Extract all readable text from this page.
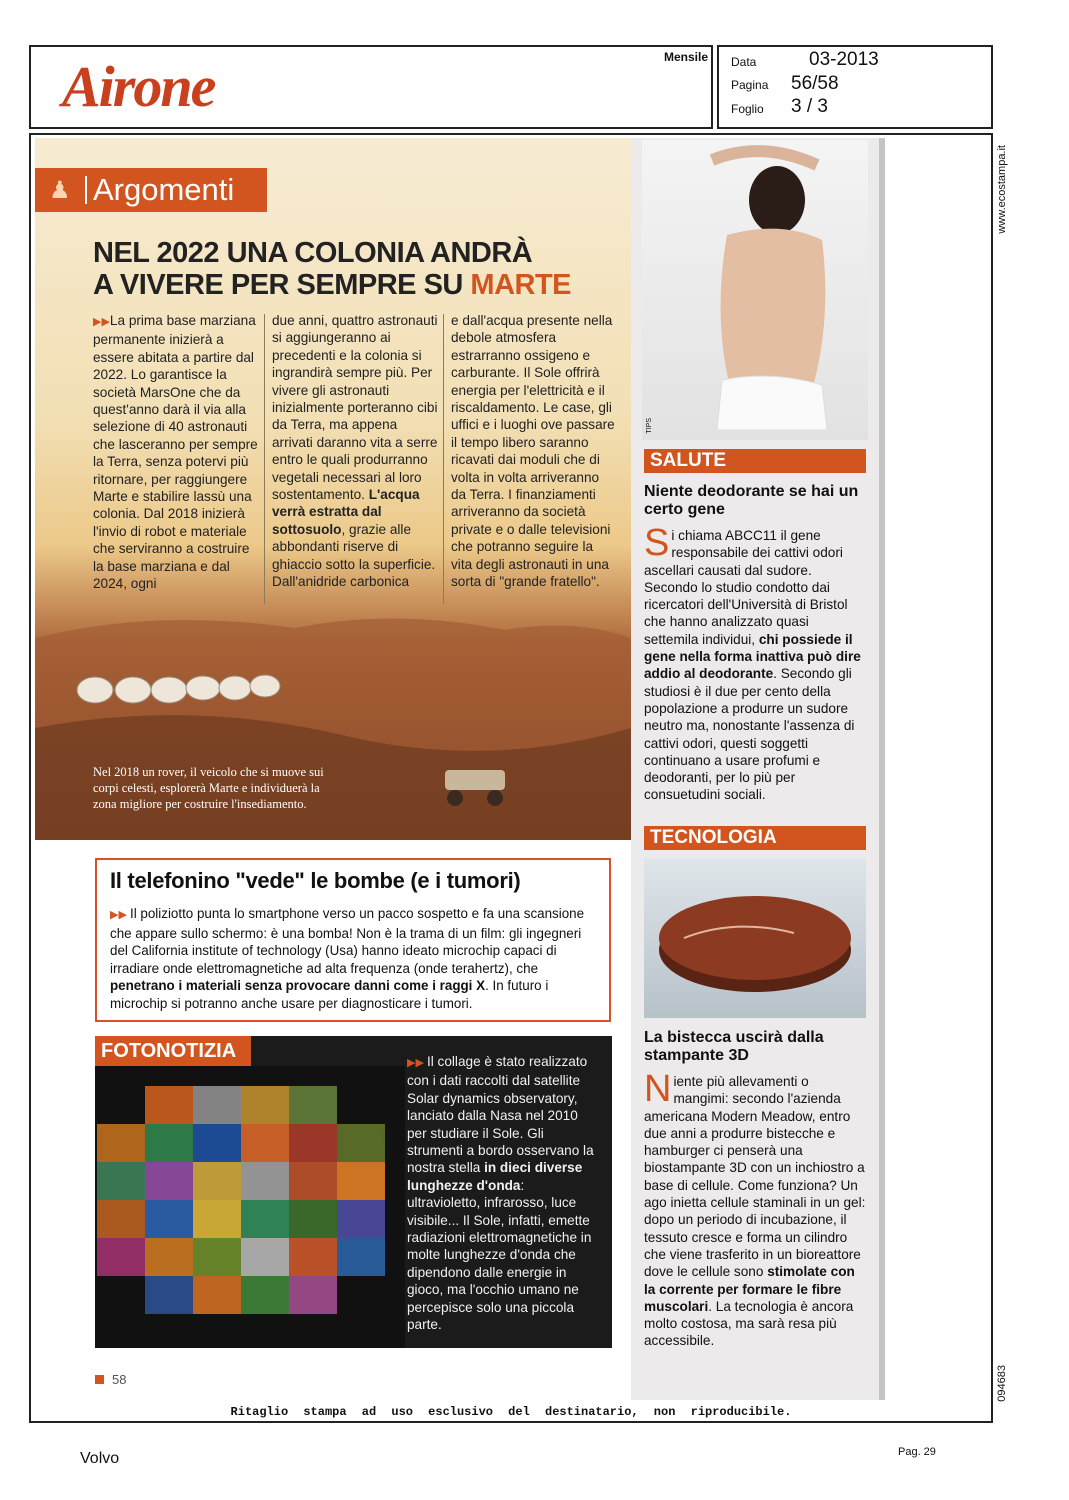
Airone	Mensile Data	03-2013
Pagina 56/58
Foglio 3 / 3
www.ecostampa.it
094683
♟ Argomenti
NEL 2022 UNA COLONIA ANDRÀ
A VIVERE PER SEMPRE SU MARTE
▶▶La prima base marziana permanente inizierà a essere abitata a partire dal 2022. Lo garantisce la società MarsOne che da quest'anno darà il via alla selezione di 40 astronauti che lasceranno per sempre la Terra, senza potervi più ritornare, per raggiungere Marte e stabilire lassù una colonia. Dal 2018 inizierà l'invio di robot e materiale che serviranno a costruire la base marziana e dal 2024, ogni
due anni, quattro astronauti si aggiungeranno ai precedenti e la colonia si ingrandirà sempre più. Per vivere gli astronauti inizialmente porteranno cibi da Terra, ma appena arrivati daranno vita a serre entro le quali produrranno vegetali necessari al loro sostentamento. L'acqua verrà estratta dal sottosuolo, grazie alle abbondanti riserve di ghiaccio sotto la superficie. Dall'anidride carbonica
e dall'acqua presente nella debole atmosfera estrarranno ossigeno e carburante. Il Sole offrirà energia per l'elettricità e il riscaldamento. Le case, gli uffici e i luoghi ove passare il tempo libero saranno ricavati dai moduli che di volta in volta arriveranno da Terra. I finanziamenti arriveranno da società private e o dalle televisioni che potranno seguire la vita degli astronauti in una sorta di "grande fratello".
Nel 2018 un rover, il veicolo che si muove sui corpi celesti, esplorerà Marte e individuerà la zona migliore per costruire l'insediamento.
Il telefonino "vede" le bombe (e i tumori)
▶▶ Il poliziotto punta lo smartphone verso un pacco sospetto e fa una scansione che appare sullo schermo: è una bomba! Non è la trama di un film: gli ingegneri del California institute of technology (Usa) hanno ideato microchip capaci di irradiare onde elettromagnetiche ad alta frequenza (onde terahertz), che penetrano i materiali senza provocare danni come i raggi X. In futuro i microchip si potranno anche usare per diagnosticare i tumori.
FOTONOTIZIA
▶▶ Il collage è stato realizzato con i dati raccolti dal satellite Solar dynamics observatory, lanciato dalla Nasa nel 2010 per studiare il Sole. Gli strumenti a bordo osservano la nostra stella in dieci diverse lunghezze d'onda: ultravioletto, infrarosso, luce visibile... Il Sole, infatti, emette radiazioni elettromagnetiche in molte lunghezze d'onda che dipendono dalle energie in gioco, ma l'occhio umano ne percepisce solo una piccola parte.
58
TIPS
SALUTE
Niente deodorante se hai un certo gene
Si chiama ABCC11 il gene responsabile dei cattivi odori ascellari causati dal sudore. Secondo lo studio condotto dai ricercatori dell'Università di Bristol che hanno analizzato quasi settemila individui, chi possiede il gene nella forma inattiva può dire addio al deodorante. Secondo gli studiosi è il due per cento della popolazione a produrre un sudore neutro ma, nonostante l'assenza di cattivi odori, questi soggetti continuano a usare profumi e deodoranti, per lo più per consuetudini sociali.
TECNOLOGIA
La bistecca uscirà dalla stampante 3D
Niente più allevamenti o mangimi: secondo l'azienda americana Modern Meadow, entro due anni a produrre bistecche e hamburger ci penserà una biostampante 3D con un inchiostro a base di cellule. Come funziona? Un ago inietta cellule staminali in un gel: dopo un periodo di incubazione, il tessuto cresce e forma un cilindro che viene trasferito in un bioreattore dove le cellule sono stimolate con la corrente per formare le fibre muscolari. La tecnologia è ancora molto costosa, ma sarà resa più accessibile.
Ritaglio stampa ad uso esclusivo del destinatario, non riproducibile.
Volvo	Pag. 29
